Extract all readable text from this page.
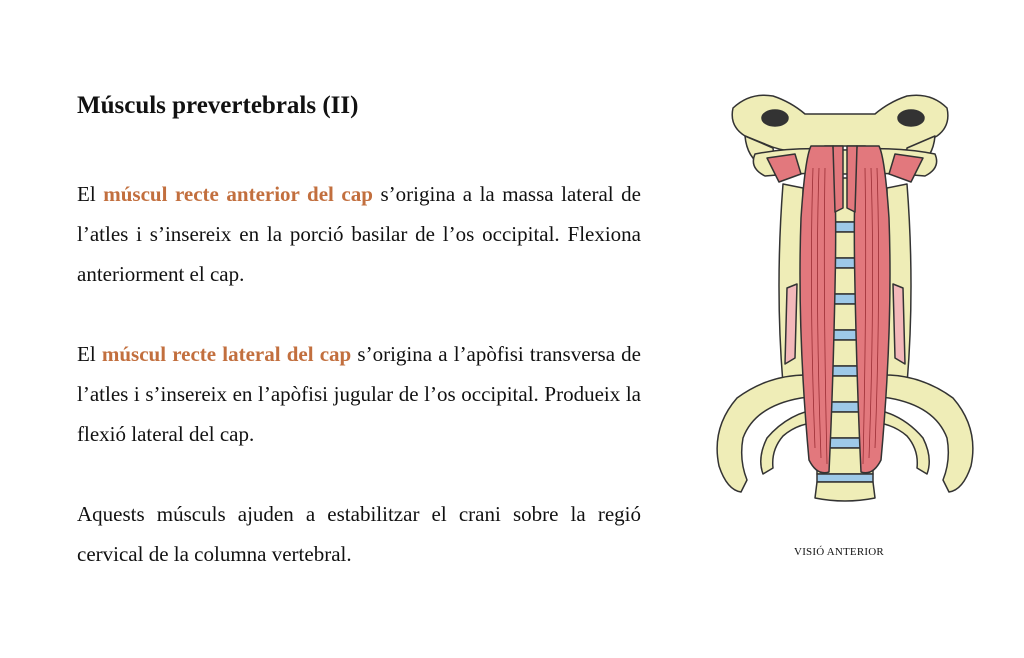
Músculs prevertebrals (II)

El múscul recte anterior del cap s’origina a la massa lateral de l’atles i s’insereix en la porció basilar de l’os occipital. Flexiona anteriorment el cap.

El múscul recte lateral del cap s’origina a l’apòfisi transversa de l’atles i s’insereix en l’apòfisi jugular de l’os occipital. Produeix la flexió lateral del cap.

Aquests músculs ajuden a estabilitzar el crani sobre la regió cervical de la columna vertebral.	VISIÓ ANTERIOR
